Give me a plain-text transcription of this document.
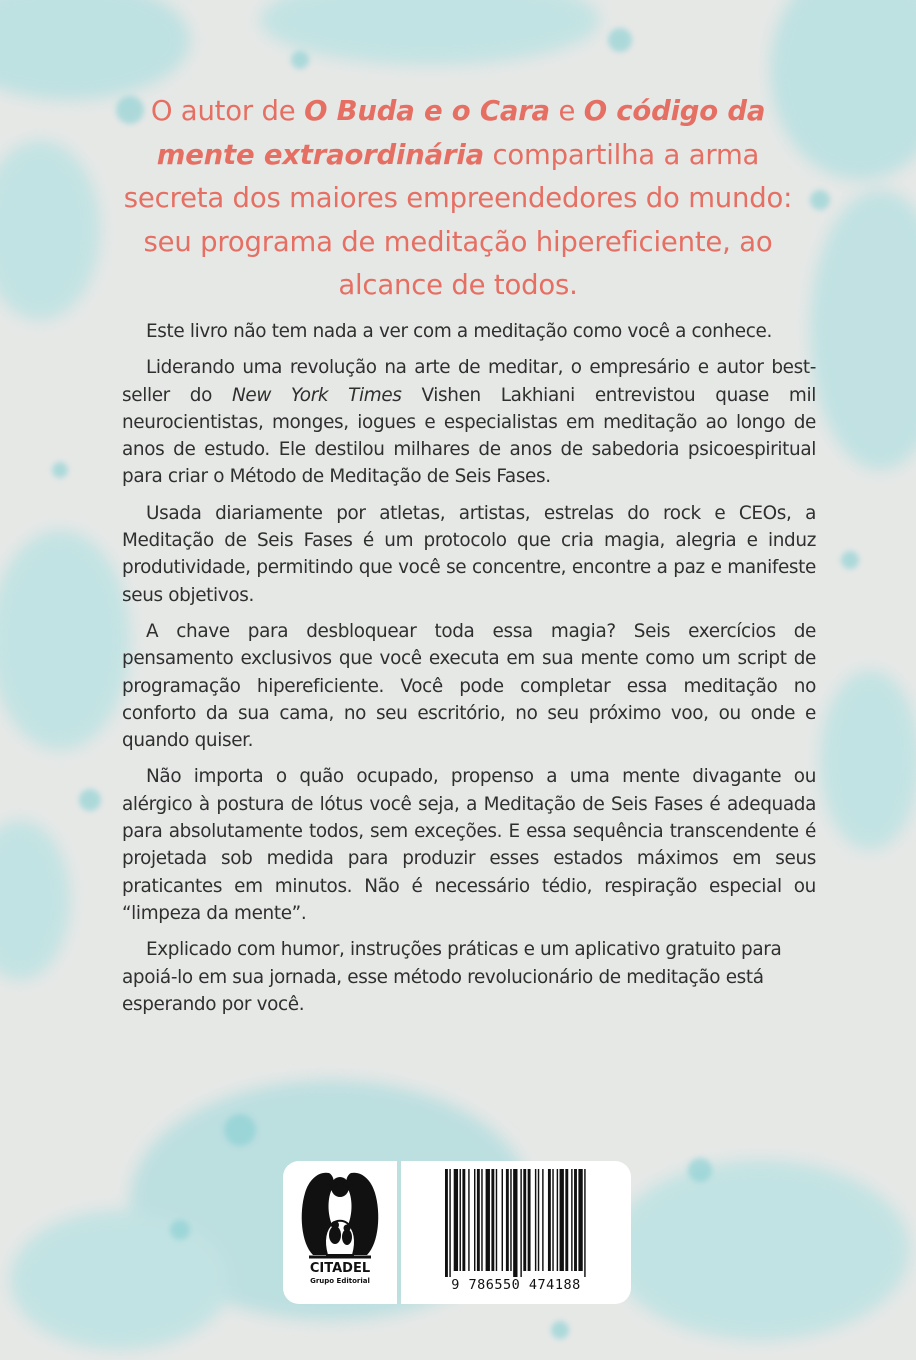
O autor de O Buda e o Cara e O código da mente extraordinária compartilha a arma secreta dos maiores empreendedores do mundo: seu programa de meditação hipereficiente, ao alcance de todos.

Este livro não tem nada a ver com a meditação como você a conhece.

Liderando uma revolução na arte de meditar, o empresário e autor best-seller do New York Times Vishen Lakhiani entrevistou quase mil neurocientistas, monges, iogues e especialistas em meditação ao longo de anos de estudo. Ele destilou milhares de anos de sabedoria psicoespiritual para criar o Método de Meditação de Seis Fases.

Usada diariamente por atletas, artistas, estrelas do rock e CEOs, a Meditação de Seis Fases é um protocolo que cria magia, alegria e induz produtividade, permitindo que você se concentre, encontre a paz e manifeste seus objetivos.

A chave para desbloquear toda essa magia? Seis exercícios de pensamento exclusivos que você executa em sua mente como um script de programação hipereficiente. Você pode completar essa meditação no conforto da sua cama, no seu escritório, no seu próximo voo, ou onde e quando quiser.

Não importa o quão ocupado, propenso a uma mente divagante ou alérgico à postura de lótus você seja, a Meditação de Seis Fases é adequada para absolutamente todos, sem exceções. E essa sequência transcendente é projetada sob medida para produzir esses estados máximos em seus praticantes em minutos. Não é necessário tédio, respiração especial ou “limpeza da mente”.

Explicado com humor, instruções práticas e um aplicativo gratuito para apoiá-lo em sua jornada, esse método revolucionário de meditação está esperando por você.

CITADEL
Grupo Editorial	9 786550 474188
